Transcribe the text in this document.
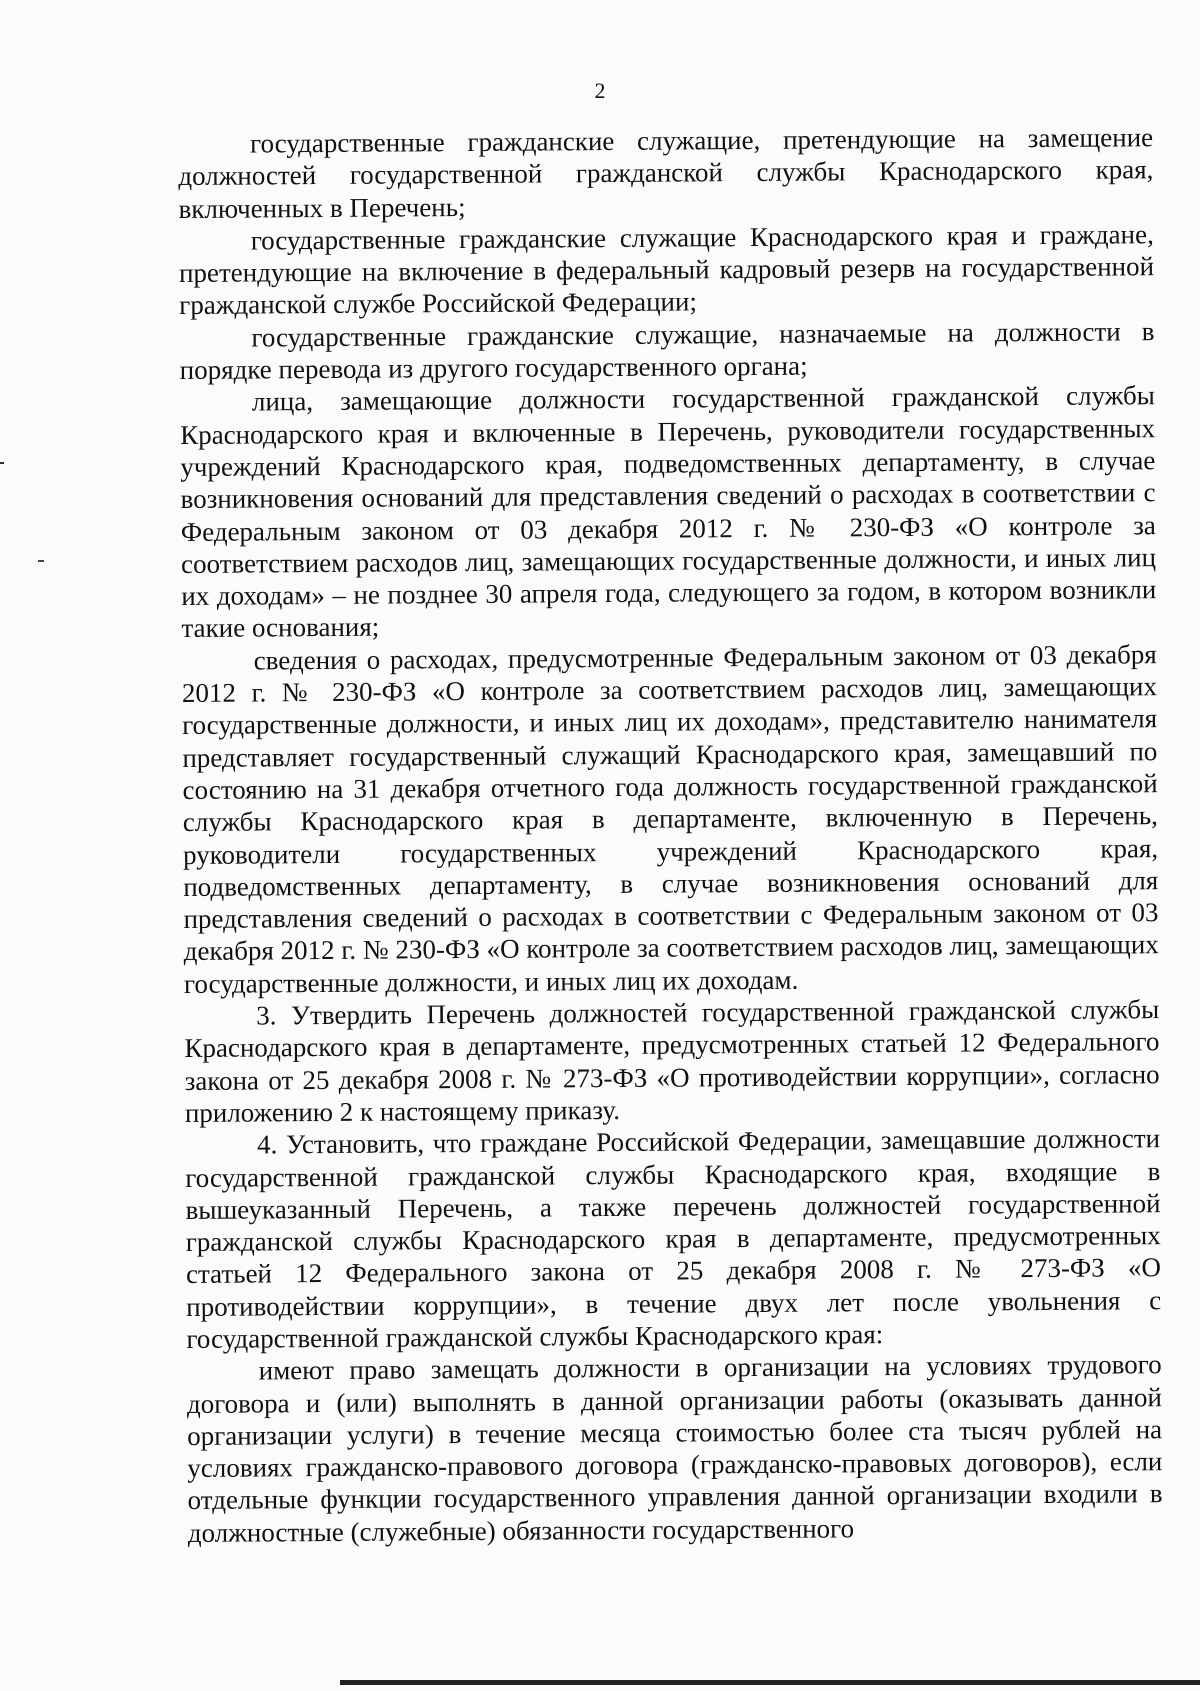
2

государственные гражданские служащие, претендующие на замещение должностей государственной гражданской службы Краснодарского края, включенных в Перечень;

государственные гражданские служащие Краснодарского края и граждане, претендующие на включение в федеральный кадровый резерв на государственной гражданской службе Российской Федерации;

государственные гражданские служащие, назначаемые на должности в порядке перевода из другого государственного органа;

лица, замещающие должности государственной гражданской службы Краснодарского края и включенные в Перечень, руководители государственных учреждений Краснодарского края, подведомственных департаменту, в случае возникновения оснований для представления сведений о расходах в соответствии с Федеральным законом от 03 декабря 2012 г. № 230-ФЗ «О контроле за соответствием расходов лиц, замещающих государственные должности, и иных лиц их доходам» – не позднее 30 апреля года, следующего за годом, в котором возникли такие основания;

сведения о расходах, предусмотренные Федеральным законом от 03 декабря 2012 г. № 230-ФЗ «О контроле за соответствием расходов лиц, замещающих государственные должности, и иных лиц их доходам», представителю нанимателя представляет государственный служащий Краснодарского края, замещавший по состоянию на 31 декабря отчетного года должность государственной гражданской службы Краснодарского края в департаменте, включенную в Перечень, руководители государственных учреждений Краснодарского края, подведомственных департаменту, в случае возникновения оснований для представления сведений о расходах в соответствии с Федеральным законом от 03 декабря 2012 г. № 230-ФЗ «О контроле за соответствием расходов лиц, замещающих государственные должности, и иных лиц их доходам.

3. Утвердить Перечень должностей государственной гражданской службы Краснодарского края в департаменте, предусмотренных статьей 12 Федерального закона от 25 декабря 2008 г. № 273-ФЗ «О противодействии коррупции», согласно приложению 2 к настоящему приказу.

4. Установить, что граждане Российской Федерации, замещавшие должности государственной гражданской службы Краснодарского края, входящие в вышеуказанный Перечень, а также перечень должностей государственной гражданской службы Краснодарского края в департаменте, предусмотренных статьей 12 Федерального закона от 25 декабря 2008 г. № 273-ФЗ «О противодействии коррупции», в течение двух лет после увольнения с государственной гражданской службы Краснодарского края:

имеют право замещать должности в организации на условиях трудового договора и (или) выполнять в данной организации работы (оказывать данной организации услуги) в течение месяца стоимостью более ста тысяч рублей на условиях гражданско-правового договора (гражданско-правовых договоров), если отдельные функции государственного управления данной организации входили в должностные (служебные) обязанности государственного
